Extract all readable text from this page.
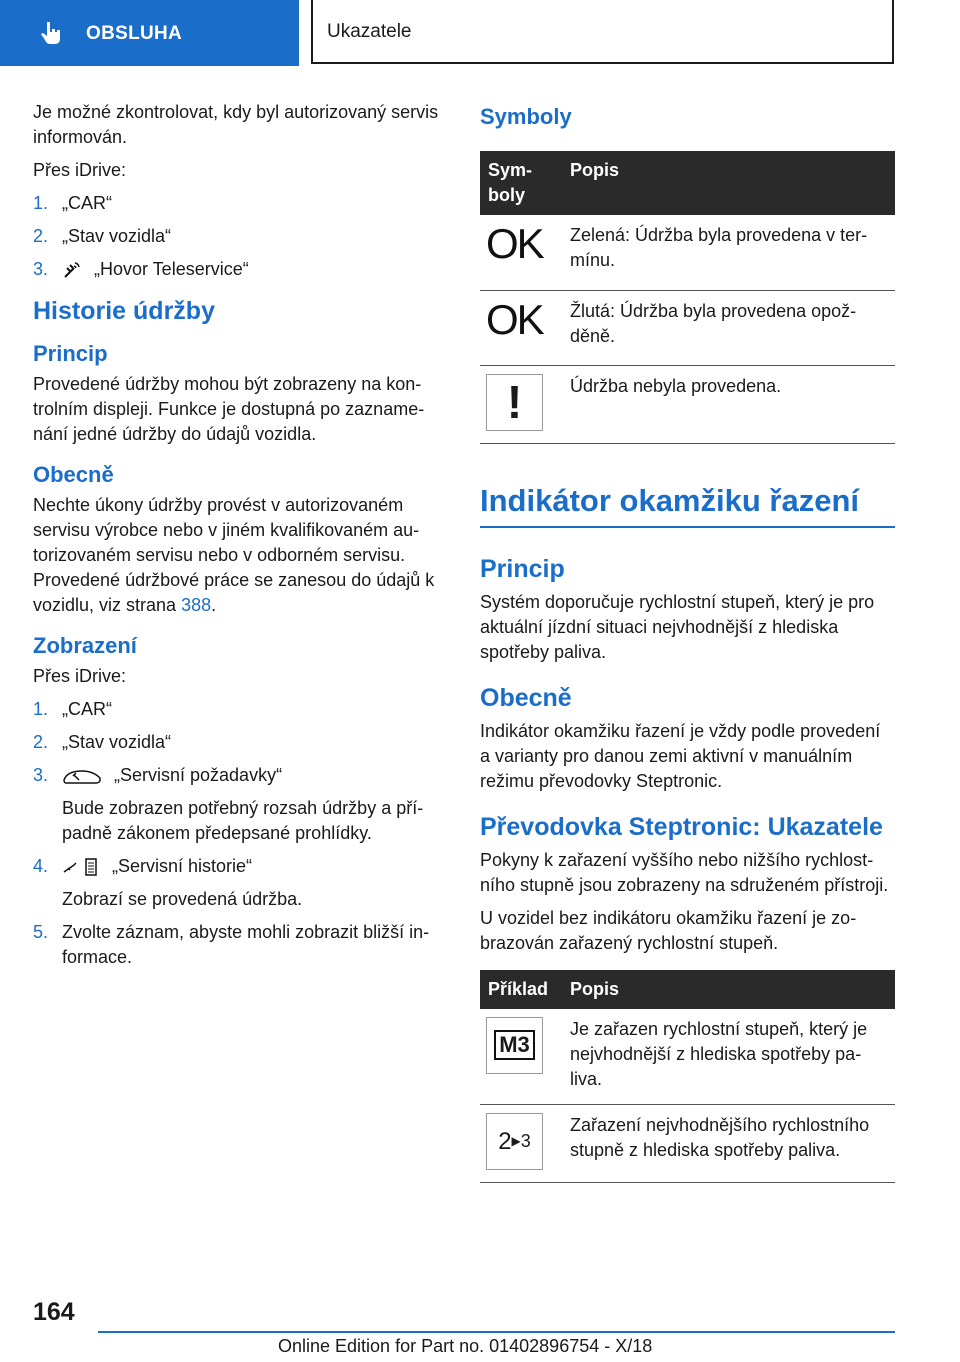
OBSLUHA	Ukazatele

Je možné zkontrolovat, kdy byl autorizovaný servis informován.

Přes iDrive:

1. „CAR“
2. „Stav vozidla“
3.	„Hovor Teleservice“
Historie údržby
Princip

Provedené údržby mohou být zobrazeny na kontrolním displeji. Funkce je dostupná po zaznamenání jedné údržby do údajů vozidla.

Obecně

Nechte úkony údržby provést v autorizovaném servisu výrobce nebo v jiném kvalifikovaném autorizovaném servisu nebo v odborném servisu. Provedené údržbové práce se zanesou do údajů k vozidlu, viz strana 388.

Zobrazení

Přes iDrive:

1. „CAR“
2. „Stav vozidla“
3.	„Servisní požadavky“
Bude zobrazen potřebný rozsah údržby a případně zákonem předepsané prohlídky.
4.	„Servisní historie“
Zobrazí se provedená údržba.
5. Zvolte záznam, abyste mohli zobrazit bližší informace.
Symboly
Symboly	Popis
OK	Zelená: Údržba byla provedena v termínu.
OK	Žlutá: Údržba byla provedena opožděně.

!	Údržba nebyla provedena.
Indikátor okamžiku řazení
Princip

Systém doporučuje rychlostní stupeň, který je pro aktuální jízdní situaci nejvhodnější z hlediska spotřeby paliva.

Obecně

Indikátor okamžiku řazení je vždy podle provedení a varianty pro danou zemi aktivní v manuálním režimu převodovky Steptronic.

Převodovka Steptronic: Ukazatele

Pokyny k zařazení vyššího nebo nižšího rychlostního stupně jsou zobrazeny na sdruženém přístroji.

U vozidel bez indikátoru okamžiku řazení je zobrazován zařazený rychlostní stupeň.

Příklad	Popis

M3	Je zařazen rychlostní stupeň, který je nejvhodnější z hlediska spotřeby paliva.

2 ▶ 3	Zařazení nejvhodnějšího rychlostního stupně z hlediska spotřeby paliva.
164
Online Edition for Part no. 01402896754 - X/18
